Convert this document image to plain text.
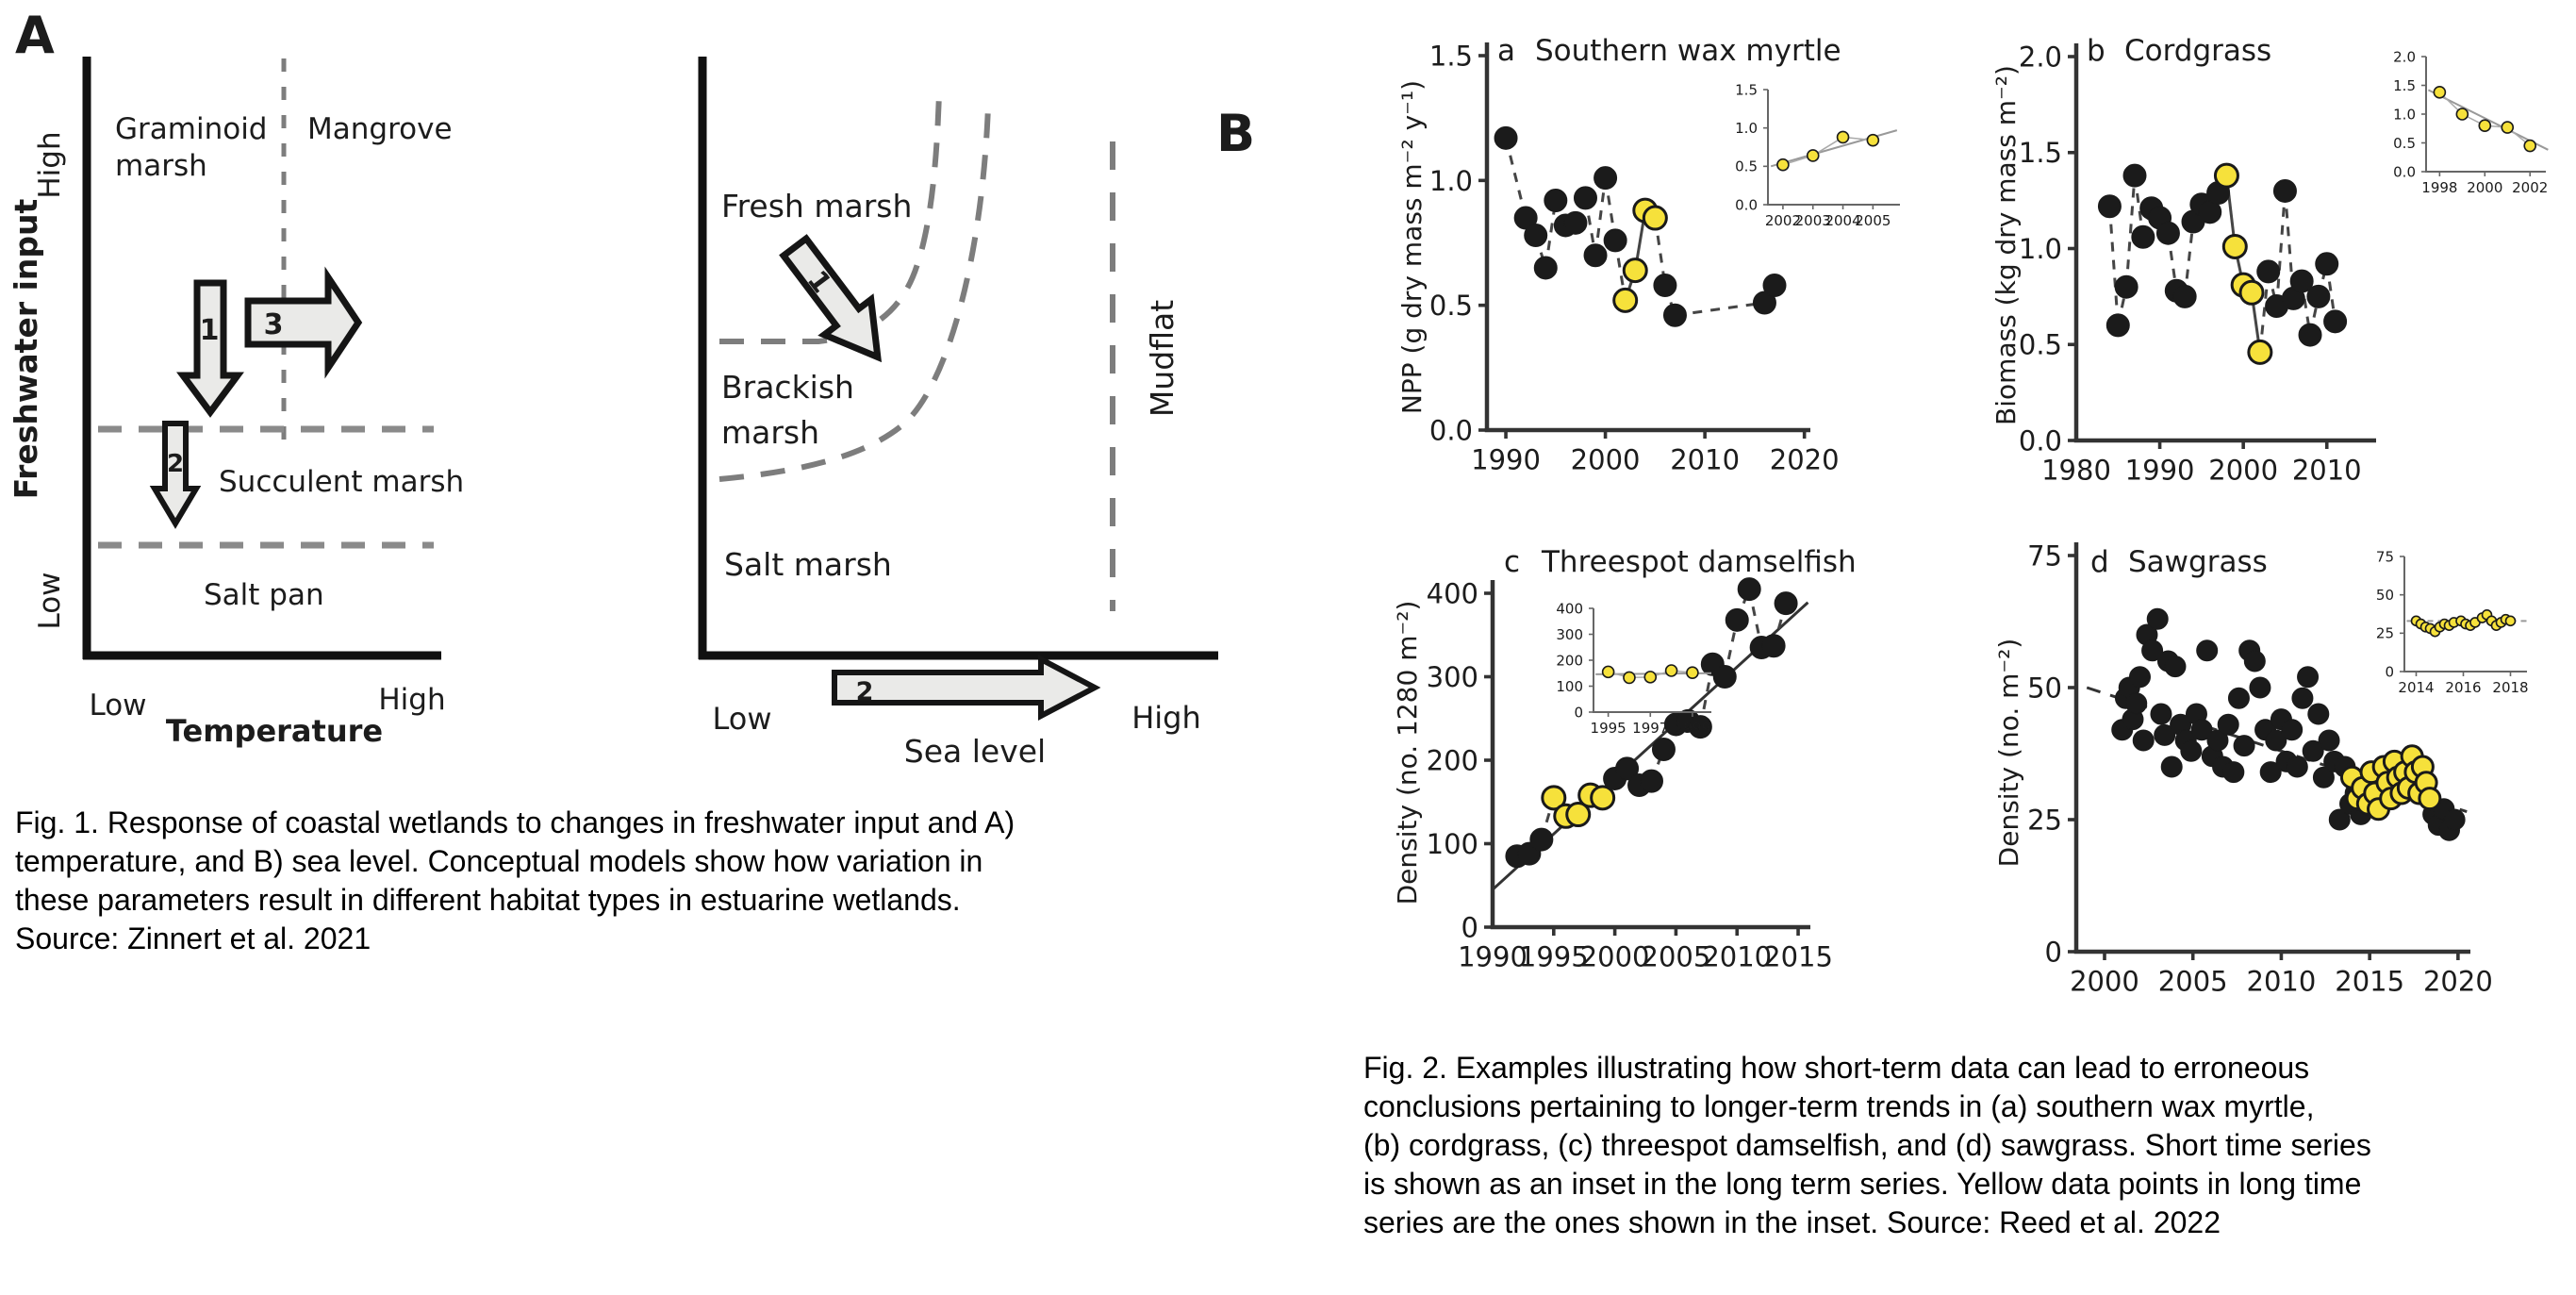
A
Graminoid
marsh
Mangrove
Succulent marsh
Salt pan
High
Freshwater input
Low
Low	High
Temperature
1 3
2
Fresh marsh
Brackish
marsh
Salt marsh
Mudflat
B
1
2
Low	High
Sea level
Fig. 1. Response of coastal wetlands to changes in freshwater input and A)
temperature, and B) sea level. Conceptual models show how variation in
these parameters result in different habitat types in estuarine wetlands.
Source: Zinnert et al. 2021
0.0
0.5
1.0
1.5
1990 2000 2010 2020
a Southern wax myrtle
NPP (g dry mass m⁻² y⁻¹)	0.0
0.5
1.0
1.5
2002
2003
2004
2005
0.0
0.5
1.0
1.5
2.0
1980 1990 2000 2010
b Cordgrass
Biomass (kg dry mass m⁻²)	0.0
0.5
1.0
1.5
2.0
1998 2000 2002
0
100
200
300
400
1990
1995
2000
2005
2010
2015
c Threespot damselfish
Density (no. 1280 m⁻²)	0
100
200
300
400
1995 1997 1999
0
25
50
75
2000 2005 2010 2015 2020
d Sawgrass
Density (no. m⁻²)	0
25
50
75
2014 2016 2018
Fig. 2. Examples illustrating how short-term data can lead to erroneous
conclusions pertaining to longer-term trends in (a) southern wax myrtle,
(b) cordgrass, (c) threespot damselfish, and (d) sawgrass. Short time series
is shown as an inset in the long term series. Yellow data points in long time
series are the ones shown in the inset. Source: Reed et al. 2022
